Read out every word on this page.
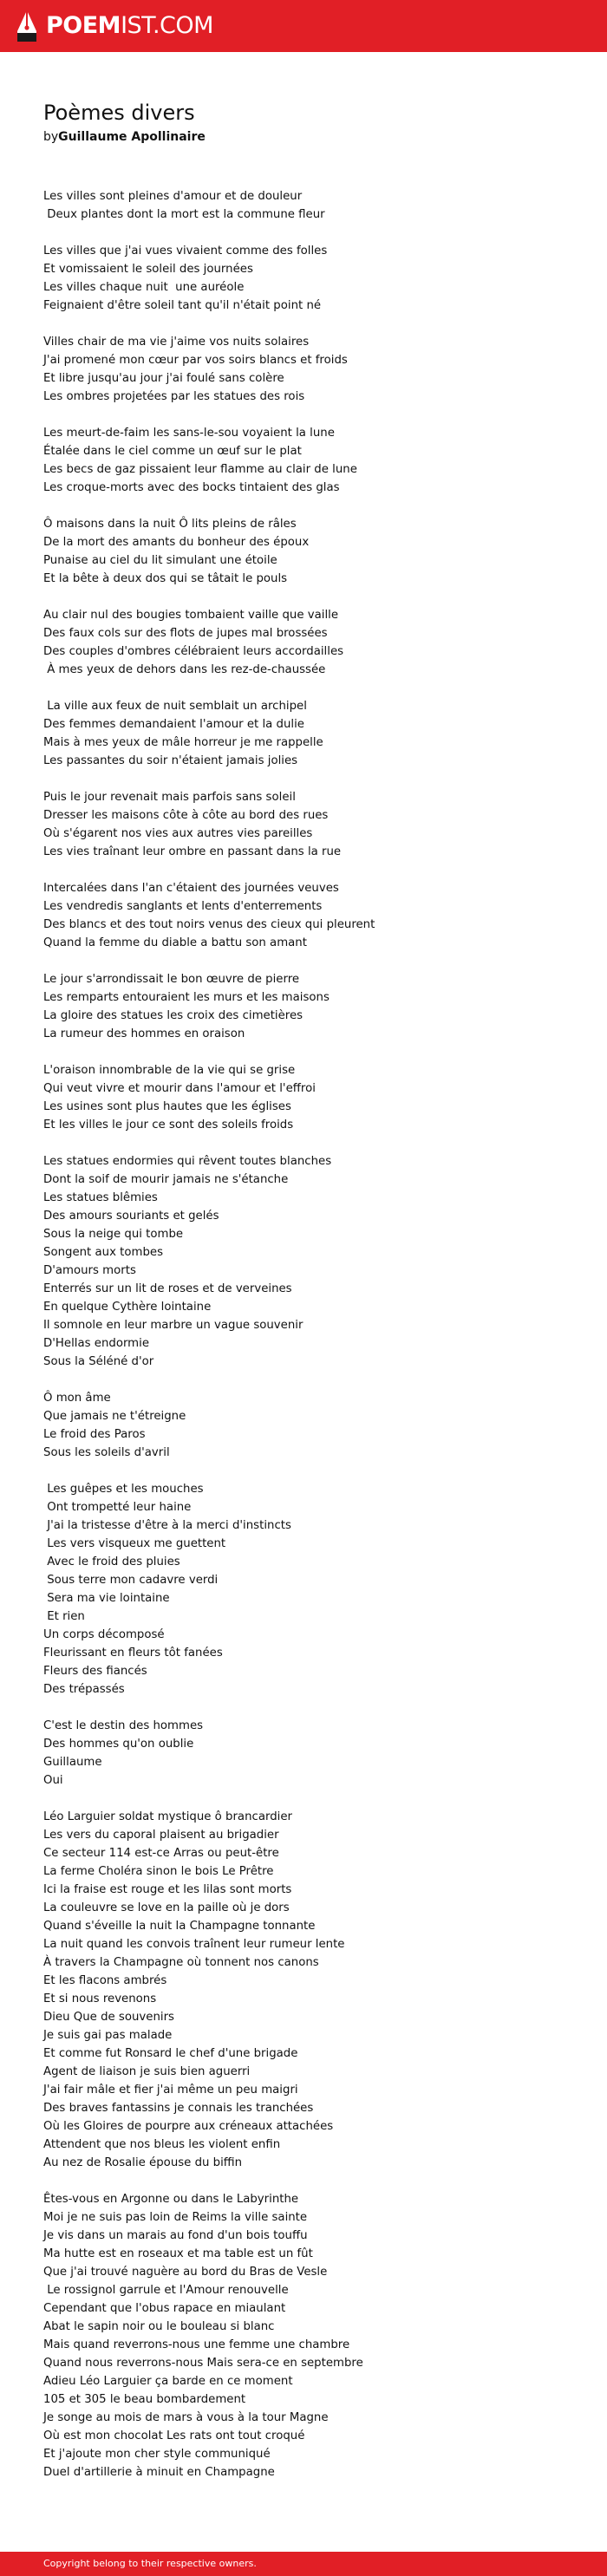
POEMIST.COM
Poèmes divers
byGuillaume Apollinaire
Les villes sont pleines d'amour et de douleur
Deux plantes dont la mort est la commune fleur
Les villes que j'ai vues vivaient comme des folles
Et vomissaient le soleil des journées
Les villes chaque nuit  une auréole
Feignaient d'être soleil tant qu'il n'était point né
Villes chair de ma vie j'aime vos nuits solaires
J'ai promené mon cœur par vos soirs blancs et froids
Et libre jusqu'au jour j'ai foulé sans colère
Les ombres projetées par les statues des rois
Les meurt-de-faim les sans-le-sou voyaient la lune
Étalée dans le ciel comme un œuf sur le plat
Les becs de gaz pissaient leur flamme au clair de lune
Les croque-morts avec des bocks tintaient des glas
Ô maisons dans la nuit Ô lits pleins de râles
De la mort des amants du bonheur des époux
Punaise au ciel du lit simulant une étoile
Et la bête à deux dos qui se tâtait le pouls
Au clair nul des bougies tombaient vaille que vaille
Des faux cols sur des flots de jupes mal brossées
Des couples d'ombres célébraient leurs accordailles
À mes yeux de dehors dans les rez-de-chaussée
La ville aux feux de nuit semblait un archipel
Des femmes demandaient l'amour et la dulie
Mais à mes yeux de mâle horreur je me rappelle
Les passantes du soir n'étaient jamais jolies
Puis le jour revenait mais parfois sans soleil
Dresser les maisons côte à côte au bord des rues
Où s'égarent nos vies aux autres vies pareilles
Les vies traînant leur ombre en passant dans la rue
Intercalées dans l'an c'étaient des journées veuves
Les vendredis sanglants et lents d'enterrements
Des blancs et des tout noirs venus des cieux qui pleurent
Quand la femme du diable a battu son amant
Le jour s'arrondissait le bon œuvre de pierre
Les remparts entouraient les murs et les maisons
La gloire des statues les croix des cimetières
La rumeur des hommes en oraison
L'oraison innombrable de la vie qui se grise
Qui veut vivre et mourir dans l'amour et l'effroi
Les usines sont plus hautes que les églises
Et les villes le jour ce sont des soleils froids
Les statues endormies qui rêvent toutes blanches
Dont la soif de mourir jamais ne s'étanche
Les statues blêmies
Des amours souriants et gelés
Sous la neige qui tombe
Songent aux tombes
D'amours morts
Enterrés sur un lit de roses et de verveines
En quelque Cythère lointaine
Il somnole en leur marbre un vague souvenir
D'Hellas endormie
Sous la Séléné d'or
Ô mon âme
Que jamais ne t'étreigne
Le froid des Paros
Sous les soleils d'avril
Les guêpes et les mouches
Ont trompetté leur haine
J'ai la tristesse d'être à la merci d'instincts
Les vers visqueux me guettent
Avec le froid des pluies
Sous terre mon cadavre verdi
Sera ma vie lointaine
Et rien
Un corps décomposé
Fleurissant en fleurs tôt fanées
Fleurs des fiancés
Des trépassés
C'est le destin des hommes
Des hommes qu'on oublie
Guillaume
Oui
Léo Larguier soldat mystique ô brancardier
Les vers du caporal plaisent au brigadier
Ce secteur 114 est-ce Arras ou peut-être
La ferme Choléra sinon le bois Le Prêtre
Ici la fraise est rouge et les lilas sont morts
La couleuvre se love en la paille où je dors
Quand s'éveille la nuit la Champagne tonnante
La nuit quand les convois traînent leur rumeur lente
À travers la Champagne où tonnent nos canons
Et les flacons ambrés
Et si nous revenons
Dieu Que de souvenirs
Je suis gai pas malade
Et comme fut Ronsard le chef d'une brigade
Agent de liaison je suis bien aguerri
J'ai fair mâle et fier j'ai même un peu maigri
Des braves fantassins je connais les tranchées
Où les Gloires de pourpre aux créneaux attachées
Attendent que nos bleus les violent enfin
Au nez de Rosalie épouse du biffin
Êtes-vous en Argonne ou dans le Labyrinthe
Moi je ne suis pas loin de Reims la ville sainte
Je vis dans un marais au fond d'un bois touffu
Ma hutte est en roseaux et ma table est un fût
Que j'ai trouvé naguère au bord du Bras de Vesle
Le rossignol garrule et l'Amour renouvelle
Cependant que l'obus rapace en miaulant
Abat le sapin noir ou le bouleau si blanc
Mais quand reverrons-nous une femme une chambre
Quand nous reverrons-nous Mais sera-ce en septembre
Adieu Léo Larguier ça barde en ce moment
105 et 305 le beau bombardement
Je songe au mois de mars à vous à la tour Magne
Où est mon chocolat Les rats ont tout croqué
Et j'ajoute mon cher style communiqué
Duel d'artillerie à minuit en Champagne
Copyright belong to their respective owners.
